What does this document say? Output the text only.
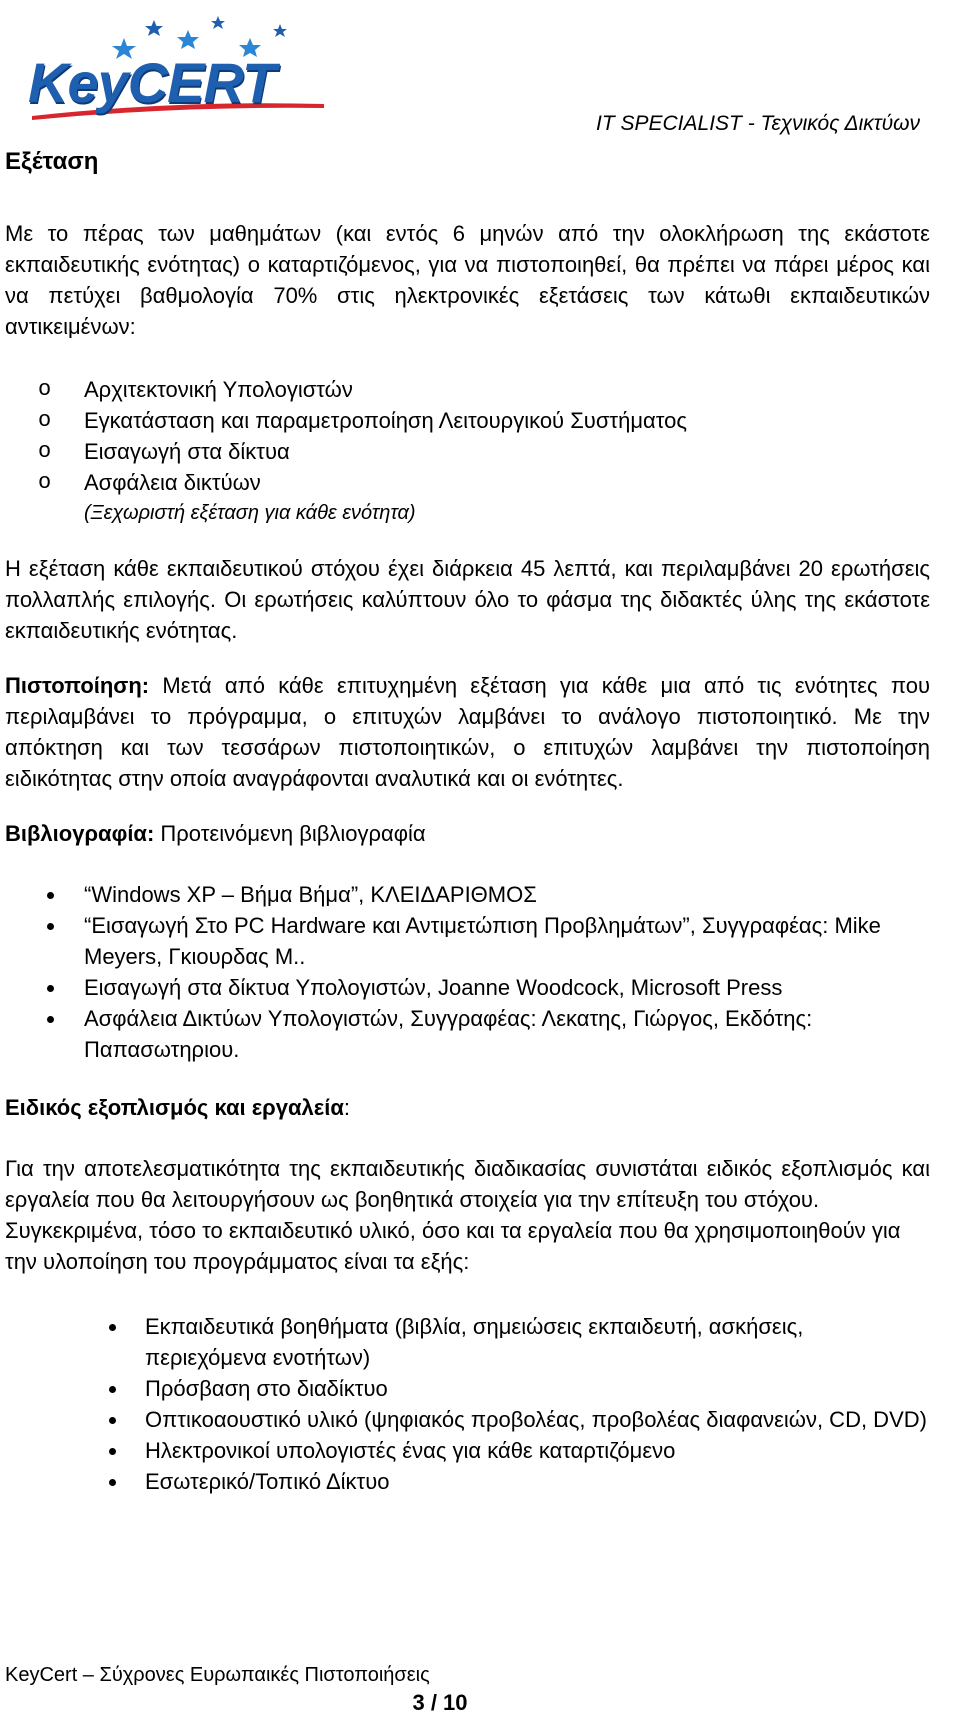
KeyCERT
IT SPECIALIST - Τεχνικός Δικτύων
Εξέταση

Με το πέρας των μαθημάτων (και εντός 6 μηνών από την ολοκλήρωση της εκάστοτε εκπαιδευτικής ενότητας) ο καταρτιζόμενος, για να πιστοποιηθεί, θα πρέπει να πάρει μέρος και να πετύχει βαθμολογία 70% στις ηλεκτρονικές εξετάσεις των κάτωθι εκπαιδευτικών αντικειμένων:

o Αρχιτεκτονική Υπολογιστών
o Εγκατάσταση και παραμετροποίηση Λειτουργικού Συστήματος
o Εισαγωγή στα δίκτυα
o Ασφάλεια δικτύων
(Ξεχωριστή εξέταση για κάθε ενότητα)

Η εξέταση κάθε εκπαιδευτικού στόχου έχει διάρκεια 45 λεπτά, και περιλαμβάνει 20 ερωτήσεις πολλαπλής επιλογής. Οι ερωτήσεις καλύπτουν όλο το φάσμα της διδακτές ύλης της εκάστοτε εκπαιδευτικής ενότητας.

Πιστοποίηση: Μετά από κάθε επιτυχημένη εξέταση για κάθε μια από τις ενότητες που περιλαμβάνει το πρόγραμμα, ο επιτυχών λαμβάνει το ανάλογο πιστοποιητικό. Με την απόκτηση και των τεσσάρων πιστοποιητικών, ο επιτυχών λαμβάνει την πιστοποίηση ειδικότητας στην οποία αναγράφονται αναλυτικά και οι ενότητες.

Βιβλιογραφία: Προτεινόμενη βιβλιογραφία

“Windows XP – Βήμα Βήμα”, ΚΛΕΙΔΑΡΙΘΜΟΣ
“Εισαγωγή Στο PC Hardware και Αντιμετώπιση Προβλημάτων”, Συγγραφέας: Mike Meyers, Γκιουρδας Μ..
Εισαγωγή στα δίκτυα Υπολογιστών, Joanne Woodcock, Microsoft Press
Ασφάλεια Δικτύων Υπολογιστών, Συγγραφέας: Λεκατης, Γιώργος, Εκδότης: Παπασωτηριου.

Ειδικός εξοπλισμός και εργαλεία:

Για την αποτελεσματικότητα της εκπαιδευτικής διαδικασίας συνιστάται ειδικός εξοπλισμός και εργαλεία που θα λειτουργήσουν ως βοηθητικά στοιχεία για την επίτευξη του στόχου.

Συγκεκριμένα, τόσο το εκπαιδευτικό υλικό, όσο και τα εργαλεία που θα χρησιμοποιηθούν για την υλοποίηση του προγράμματος είναι τα εξής:

Εκπαιδευτικά βοηθήματα (βιβλία, σημειώσεις εκπαιδευτή, ασκήσεις, περιεχόμενα ενοτήτων)
Πρόσβαση στο διαδίκτυο
Οπτικοαουστικό υλικό (ψηφιακός προβολέας, προβολέας διαφανειών, CD, DVD)
Ηλεκτρονικοί υπολογιστές ένας για κάθε καταρτιζόμενο
Εσωτερικό/Τοπικό Δίκτυο
KeyCert – Σύχρονες Ευρωπαικές Πιστοποιήσεις
3 / 10
